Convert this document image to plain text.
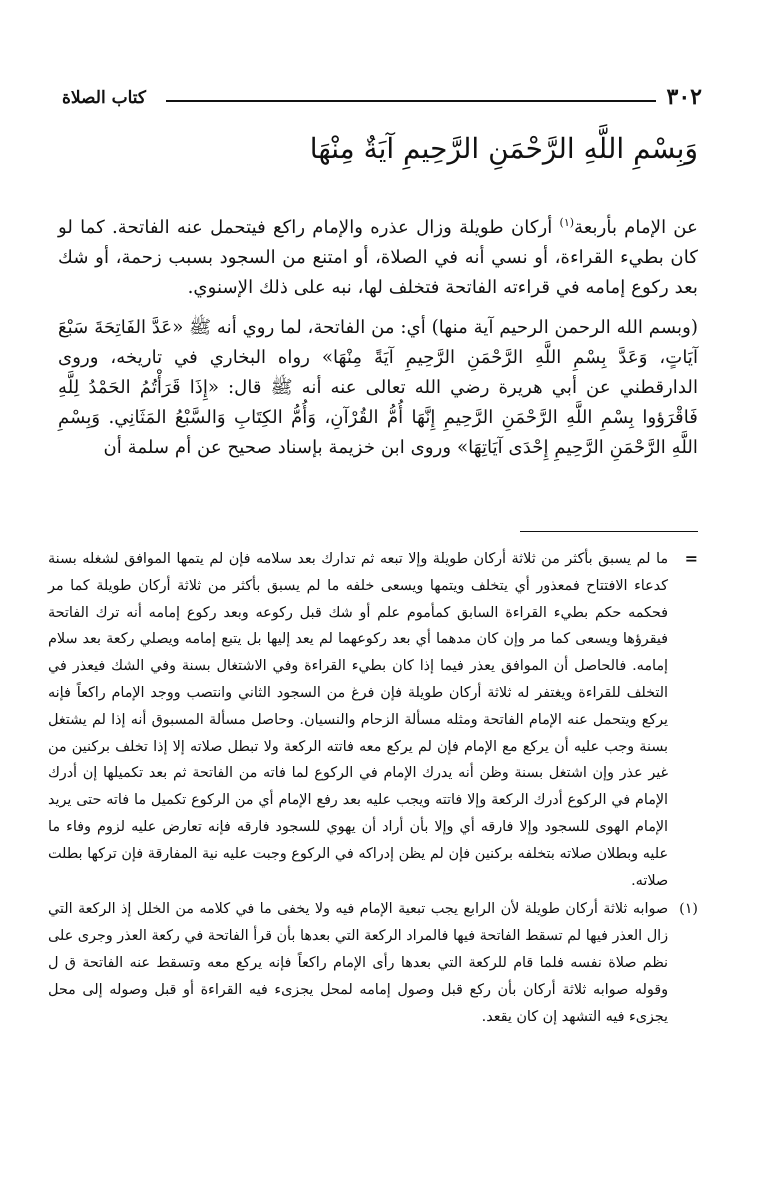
٣٠٢
كتاب الصلاة
وَبِسْمِ اللَّهِ الرَّحْمَنِ الرَّحِيمِ آيَةٌ مِنْهَا

عن الإمام بأربعة$^{(١)}$ أركان طويلة وزال عذره والإمام راكع فيتحمل عنه الفاتحة. كما لو كان بطيء القراءة، أو نسي أنه في الصلاة، أو امتنع من السجود بسبب زحمة، أو شك بعد ركوع إمامه في قراءته الفاتحة فتخلف لها، نبه على ذلك الإسنوي.

(وبسم الله الرحمن الرحيم آية منها) أي: من الفاتحة، لما روي أنه ﷺ «عَدَّ الفَاتِحَةَ سَبْعَ آيَاتٍ، وَعَدَّ بِسْمِ اللَّهِ الرَّحْمَنِ الرَّحِيمِ آيَةً مِنْهَا» رواه البخاري في تاريخه، وروى الدارقطني عن أبي هريرة رضي الله تعالى عنه أنه ﷺ قال: «إِذَا قَرَأْتُمُ الحَمْدُ لِلَّهِ فَاقْرَؤوا بِسْمِ اللَّهِ الرَّحْمَنِ الرَّحِيمِ إِنَّهَا أُمُّ القُرْآنِ، وَأُمُّ الكِتَابِ وَالسَّبْعُ المَثَانِي. وَبِسْمِ اللَّهِ الرَّحْمَنِ الرَّحِيمِ إِحْدَى آيَاتِهَا» وروى ابن خزيمة بإسناد صحيح عن أم سلمة أن

=
ما لم يسبق بأكثر من ثلاثة أركان طويلة وإلا تبعه ثم تدارك بعد سلامه فإن لم يتمها الموافق لشغله بسنة كدعاء الافتتاح فمعذور أي يتخلف ويتمها ويسعى خلفه ما لم يسبق بأكثر من ثلاثة أركان طويلة كما مر فحكمه حكم بطيء القراءة السابق كمأموم علم أو شك قبل ركوعه وبعد ركوع إمامه أنه ترك الفاتحة فيقرؤها ويسعى كما مر وإن كان مدهما أي بعد ركوعهما لم يعد إليها بل يتبع إمامه ويصلي ركعة بعد سلام إمامه. فالحاصل أن الموافق يعذر فيما إذا كان بطيء القراءة وفي الاشتغال بسنة وفي الشك فيعذر في التخلف للقراءة ويغتفر له ثلاثة أركان طويلة فإن فرغ من السجود الثاني وانتصب ووجد الإمام راكعاً فإنه يركع ويتحمل عنه الإمام الفاتحة ومثله مسألة الزحام والنسيان. وحاصل مسألة المسبوق أنه إذا لم يشتغل بسنة وجب عليه أن يركع مع الإمام فإن لم يركع معه فاتته الركعة ولا تبطل صلاته إلا إذا تخلف بركنين من غير عذر وإن اشتغل بسنة وظن أنه يدرك الإمام في الركوع لما فاته من الفاتحة ثم بعد تكميلها إن أدرك الإمام في الركوع أدرك الركعة وإلا فاتته ويجب عليه بعد رفع الإمام أي من الركوع تكميل ما فاته حتى يريد الإمام الهوى للسجود وإلا فارقه أي وإلا بأن أراد أن يهوي للسجود فارقه فإنه تعارض عليه لزوم وفاء ما عليه وبطلان صلاته بتخلفه بركنين فإن لم يظن إدراكه في الركوع وجبت عليه نية المفارقة فإن تركها بطلت صلاته.
(١)
صوابه ثلاثة أركان طويلة لأن الرابع يجب تبعية الإمام فيه ولا يخفى ما في كلامه من الخلل إذ الركعة التي زال العذر فيها لم تسقط الفاتحة فيها فالمراد الركعة التي بعدها بأن قرأ الفاتحة في ركعة العذر وجرى على نظم صلاة نفسه فلما قام للركعة التي بعدها رأى الإمام راكعاً فإنه يركع معه وتسقط عنه الفاتحة ق ل وقوله صوابه ثلاثة أركان بأن ركع قبل وصول إمامه لمحل يجزىء فيه القراءة أو قبل وصوله إلى محل يجزىء فيه التشهد إن كان يقعد.
